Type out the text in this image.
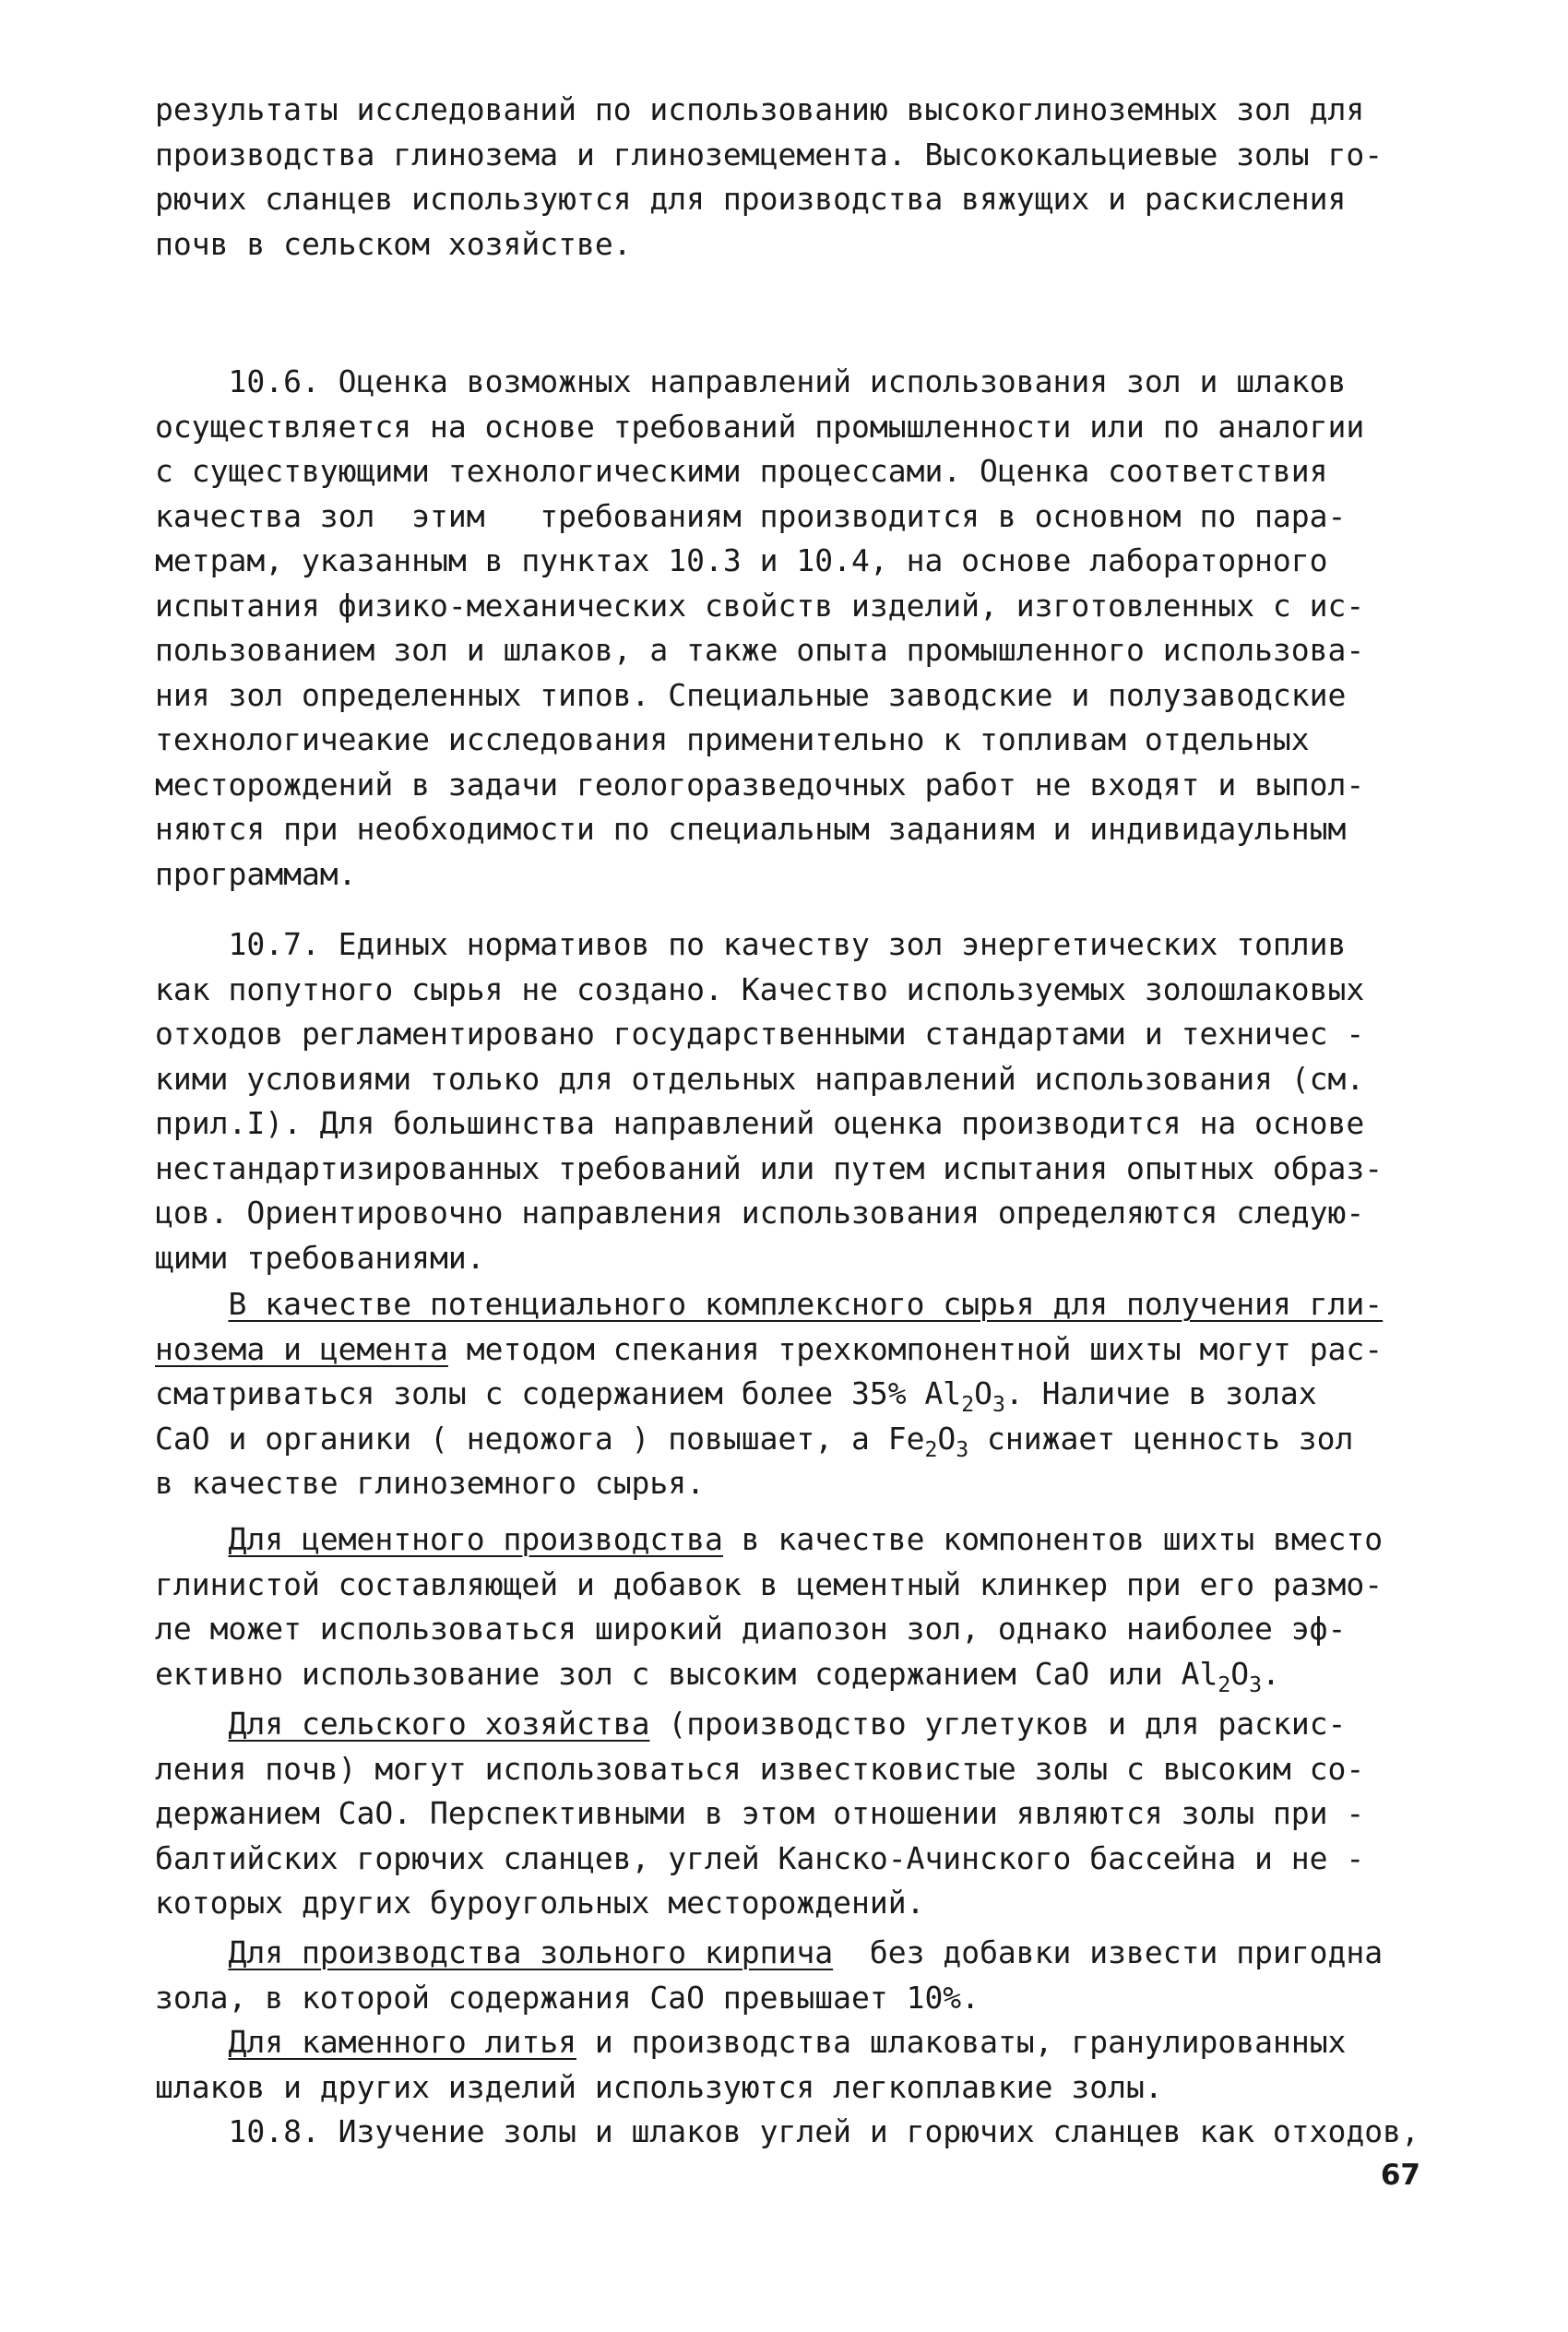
результаты исследований по использованию высокоглиноземных зол для
производства глинозема и глиноземцемента. Высококальциевые золы го-
рючих сланцев используются для производства вяжущих и раскисления
почв в сельском хозяйстве.
10.6. Оценка возможных направлений использования зол и шлаков
осуществляется на основе требований промышленности или по аналогии
с существующими технологическими процессами. Оценка соответствия
качества зол  этим   требованиям производится в основном по пара-
метрам, указанным в пунктах 10.3 и 10.4, на основе лабораторного
испытания физико-механических свойств изделий, изготовленных с ис-
пользованием зол и шлаков, а также опыта промышленного использова-
ния зол определенных типов. Специальные заводские и полузаводские
технологичеакие исследования применительно к топливам отдельных
месторождений в задачи геологоразведочных работ не входят и выпол-
няются при необходимости по специальным заданиям и индивидаульным
программам.
10.7. Единых нормативов по качеству зол энергетических топлив
как попутного сырья не создано. Качество используемых золошлаковых
отходов регламентировано государственными стандартами и техничес -
кими условиями только для отдельных направлений использования (см.
прил.I). Для большинства направлений оценка производится на основе
нестандартизированных требований или путем испытания опытных образ-
цов. Ориентировочно направления использования определяются следую-
щими требованиями.
В качестве потенциального комплексного сырья для получения гли-
нозема и цемента методом спекания трехкомпонентной шихты могут рас-
сматриваться золы с содержанием более 35% $Al_2O_3$. Наличие в золах
CaO и органики ( недожога ) повышает, а $Fe_2O_3$ снижает ценность зол
в качестве глиноземного сырья.
Для цементного производства в качестве компонентов шихты вместо
глинистой составляющей и добавок в цементный клинкер при его размо-
ле может использоваться широкий диапозон зол, однако наиболее эф-
ективно использование зол с высоким содержанием CaO или $Al_2O_3$.
Для сельского хозяйства (производство углетуков и для раскис-
ления почв) могут использоваться известковистые золы с высоким со-
держанием CaO. Перспективными в этом отношении являются золы при -
балтийских горючих сланцев, углей Канско-Ачинского бассейна и не -
которых других буроугольных месторождений.
Для производства зольного кирпича  без добавки извести пригодна
зола, в которой содержания CaO превышает 10%.
Для каменного литья и производства шлаковаты, гранулированных
шлаков и других изделий используются легкоплавкие золы.
10.8. Изучение золы и шлаков углей и горючих сланцев как отходов,
67
